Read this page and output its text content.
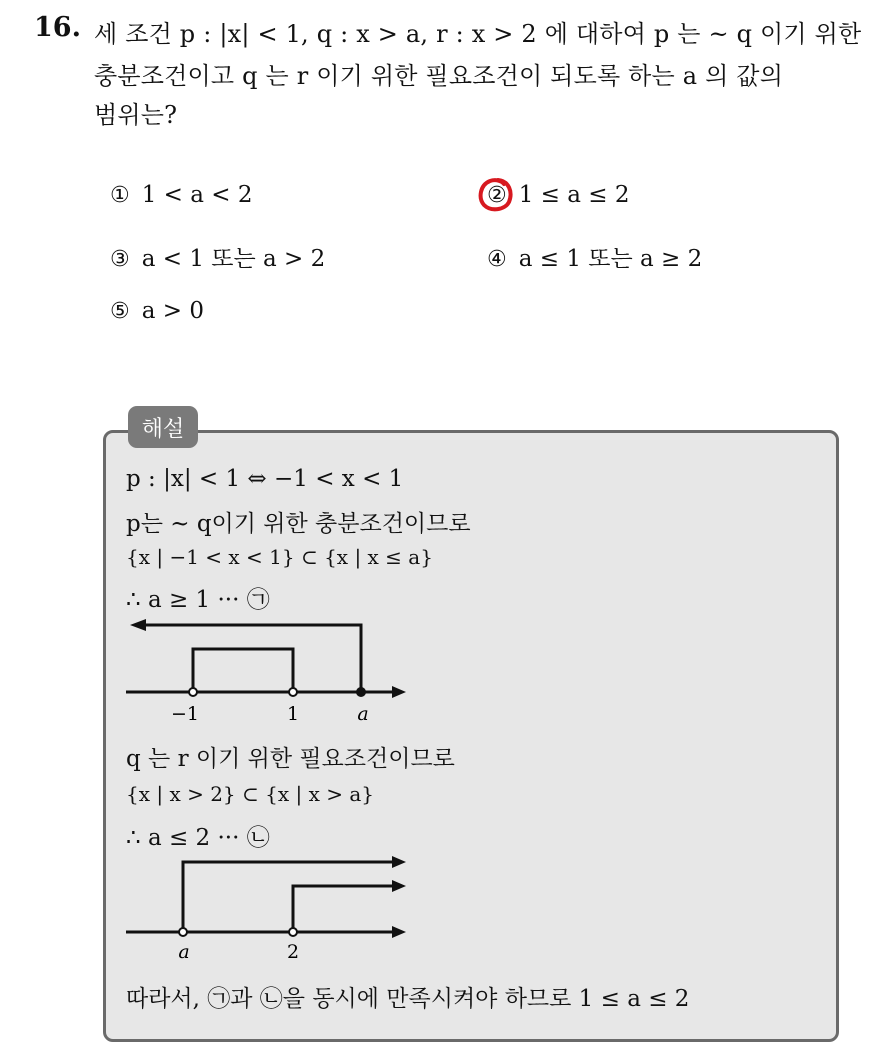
16. 세 조건 p : |x| < 1, q : x > a, r : x > 2 에 대하여 p 는 ~ q 이기 위한
충분조건이고 q 는 r 이기 위한 필요조건이 되도록 하는 a 의 값의
범위는?
① 1 < a < 2	② 1 ≤ a ≤ 2
③ a < 1 또는 a > 2	④ a ≤ 1 또는 a ≥ 2
⑤ a > 0
해설
p : |x| < 1 ⇔ −1 < x < 1
p는 ~ q이기 위한 충분조건이므로
{x | −1 < x < 1} ⊂ {x | x ≤ a}
∴ a ≥ 1 ··· ㉠
−1	1	a
q 는 r 이기 위한 필요조건이므로
{x | x > 2} ⊂ {x | x > a}
∴ a ≤ 2 ··· ㉡
a	2
따라서, ㉠과 ㉡을 동시에 만족시켜야 하므로 1 ≤ a ≤ 2
